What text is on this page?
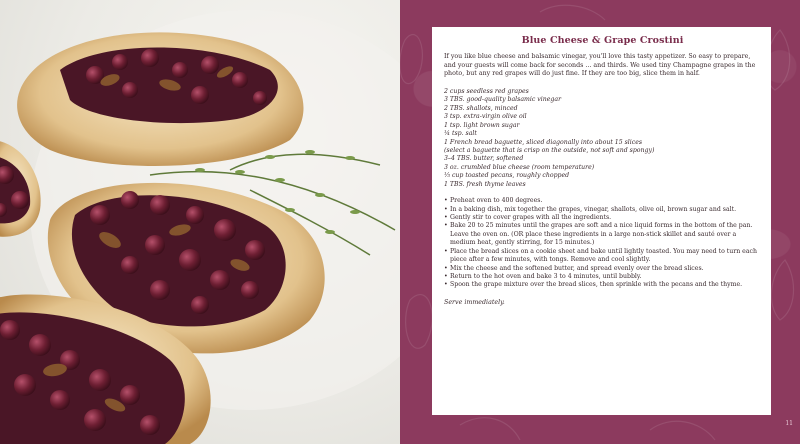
Blue Cheese & Grape Crostini

If you like blue cheese and balsamic vinegar, you'll love this tasty appetizer. So easy to prepare, and your guests will come back for seconds ... and thirds. We used tiny Champagne grapes in the photo, but any red grapes will do just fine. If they are too big, slice them in half.

2 cups seedless red grapes
3 TBS. good-quality balsamic vinegar
2 TBS. shallots, minced
3 tsp. extra-virgin olive oil
1 tsp. light brown sugar
¼ tsp. salt
1 French bread baguette, sliced diagonally into about 15 slices
(select a baguette that is crisp on the outside, not soft and spongy)
3–4 TBS. butter, softened
3 oz. crumbled blue cheese (room temperature)
⅓ cup toasted pecans, roughly chopped
1 TBS. fresh thyme leaves
• Preheat oven to 400 degrees.
• In a baking dish, mix together the grapes, vinegar, shallots, olive oil, brown sugar and salt.
• Gently stir to cover grapes with all the ingredients.
• Bake 20 to 25 minutes until the grapes are soft and a nice liquid forms in the bottom of the pan. Leave the oven on. (OR place these ingredients in a large non-stick skillet and sauté over a medium heat, gently stirring, for 15 minutes.)
• Place the bread slices on a cookie sheet and bake until lightly toasted. You may need to turn each piece after a few minutes, with tongs. Remove and cool slightly.
• Mix the cheese and the softened butter, and spread evenly over the bread slices.
• Return to the hot oven and bake 3 to 4 minutes, until bubbly.
• Spoon the grape mixture over the bread slices, then sprinkle with the pecans and the thyme.

Serve immediately.

11
